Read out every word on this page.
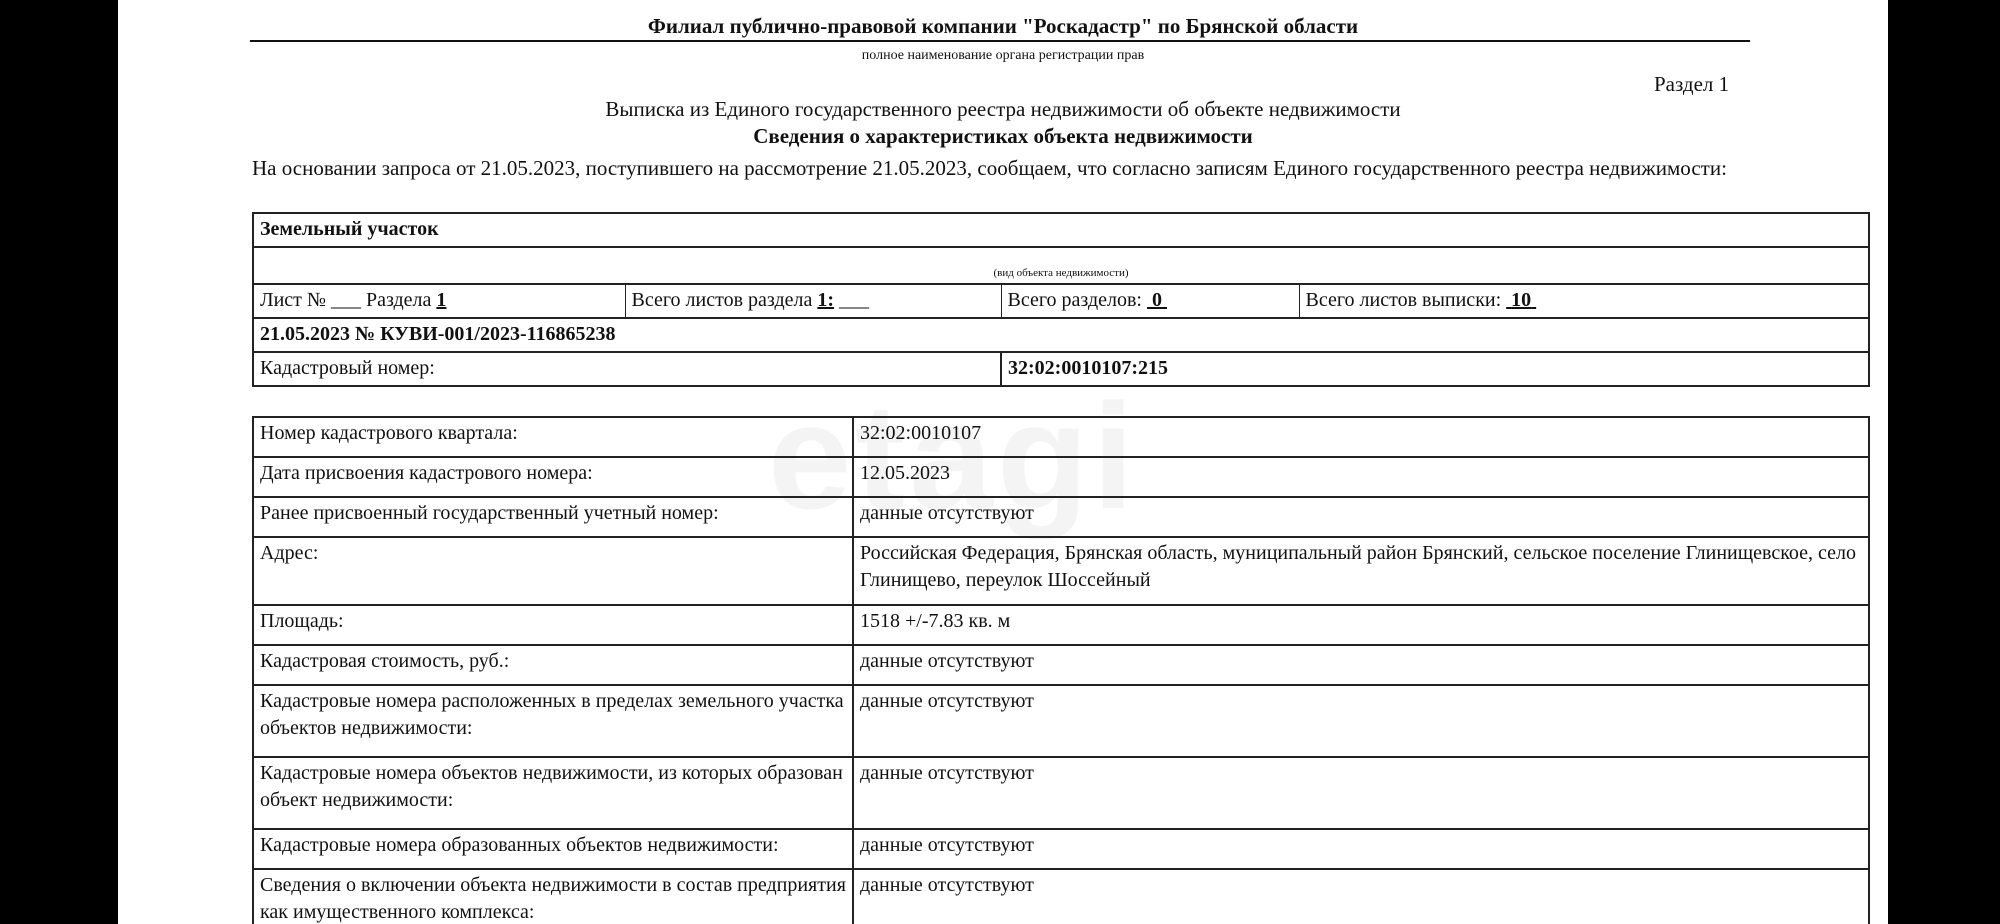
Филиал публично-правовой компании "Роскадастр" по Брянской области
полное наименование органа регистрации прав
Раздел 1
Выписка из Единого государственного реестра недвижимости об объекте недвижимости
Сведения о характеристиках объекта недвижимости
На основании запроса от 21.05.2023, поступившего на рассмотрение 21.05.2023, сообщаем, что согласно записям Единого государственного реестра недвижимости:
Земельный участок			
(вид объекта недвижимости)			
Лист № ___ Раздела 1	Всего листов раздела 1: ___	Всего разделов: 0	Всего листов выписки: 10
21.05.2023 № КУВИ-001/2023-116865238			
Кадастровый номер:		32:02:0010107:215	
Номер кадастрового квартала:	32:02:0010107
Дата присвоения кадастрового номера:	12.05.2023
Ранее присвоенный государственный учетный номер:	данные отсутствуют
Адрес:	Российская Федерация, Брянская область, муниципальный район Брянский, сельское поселение Глинищевское, село Глинищево, переулок Шоссейный
Площадь:	1518 +/-7.83 кв. м
Кадастровая стоимость, руб.:	данные отсутствуют
Кадастровые номера расположенных в пределах земельного участка объектов недвижимости:	данные отсутствуют
Кадастровые номера объектов недвижимости, из которых образован объект недвижимости:	данные отсутствуют
Кадастровые номера образованных объектов недвижимости:	данные отсутствуют
Сведения о включении объекта недвижимости в состав предприятия как имущественного комплекса:	данные отсутствуют
